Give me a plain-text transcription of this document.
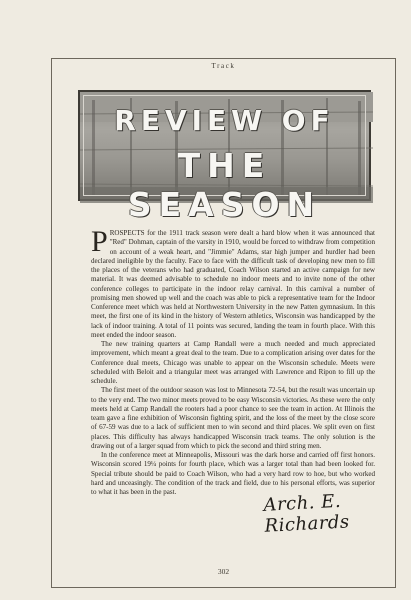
Track
REVIEW OF
THE SEASON

PROSPECTS for the 1911 track season were dealt a hard blow when it was announced that "Red" Dohman, captain of the varsity in 1910, would be forced to withdraw from competition on account of a weak heart, and "Jimmie" Adams, star high jumper and hurdler had been declared ineligible by the faculty. Face to face with the difficult task of developing new men to fill the places of the veterans who had graduated, Coach Wilson started an active campaign for new material. It was deemed advisable to schedule no indoor meets and to invite none of the other conference colleges to participate in the indoor relay carnival. In this carnival a number of promising men showed up well and the coach was able to pick a representative team for the Indoor Conference meet which was held at Northwestern University in the new Patten gymnasium. In this meet, the first one of its kind in the history of Western athletics, Wisconsin was handicapped by the lack of indoor training. A total of 11 points was secured, landing the team in fourth place. With this meet ended the indoor season.

The new training quarters at Camp Randall were a much needed and much appreciated improvement, which meant a great deal to the team. Due to a complication arising over dates for the Conference dual meets, Chicago was unable to appear on the Wisconsin schedule. Meets were scheduled with Beloit and a triangular meet was arranged with Lawrence and Ripon to fill up the schedule.

The first meet of the outdoor season was lost to Minnesota 72-54, but the result was uncertain up to the very end. The two minor meets proved to be easy Wisconsin victories. As these were the only meets held at Camp Randall the rooters had a poor chance to see the team in action. At Illinois the team gave a fine exhibition of Wisconsin fighting spirit, and the loss of the meet by the close score of 67-59 was due to a lack of sufficient men to win second and third places. We split even on first places. This difficulty has always handicapped Wisconsin track teams. The only solution is the drawing out of a larger squad from which to pick the second and third string men.

In the conference meet at Minneapolis, Missouri was the dark horse and carried off first honors. Wisconsin scored 19¼ points for fourth place, which was a larger total than had been looked for. Special tribute should be paid to Coach Wilson, who had a very hard row to hoe, but who worked hard and unceasingly. The condition of the track and field, due to his personal efforts, was superior to what it has been in the past.	Arch. E. Richards
302
